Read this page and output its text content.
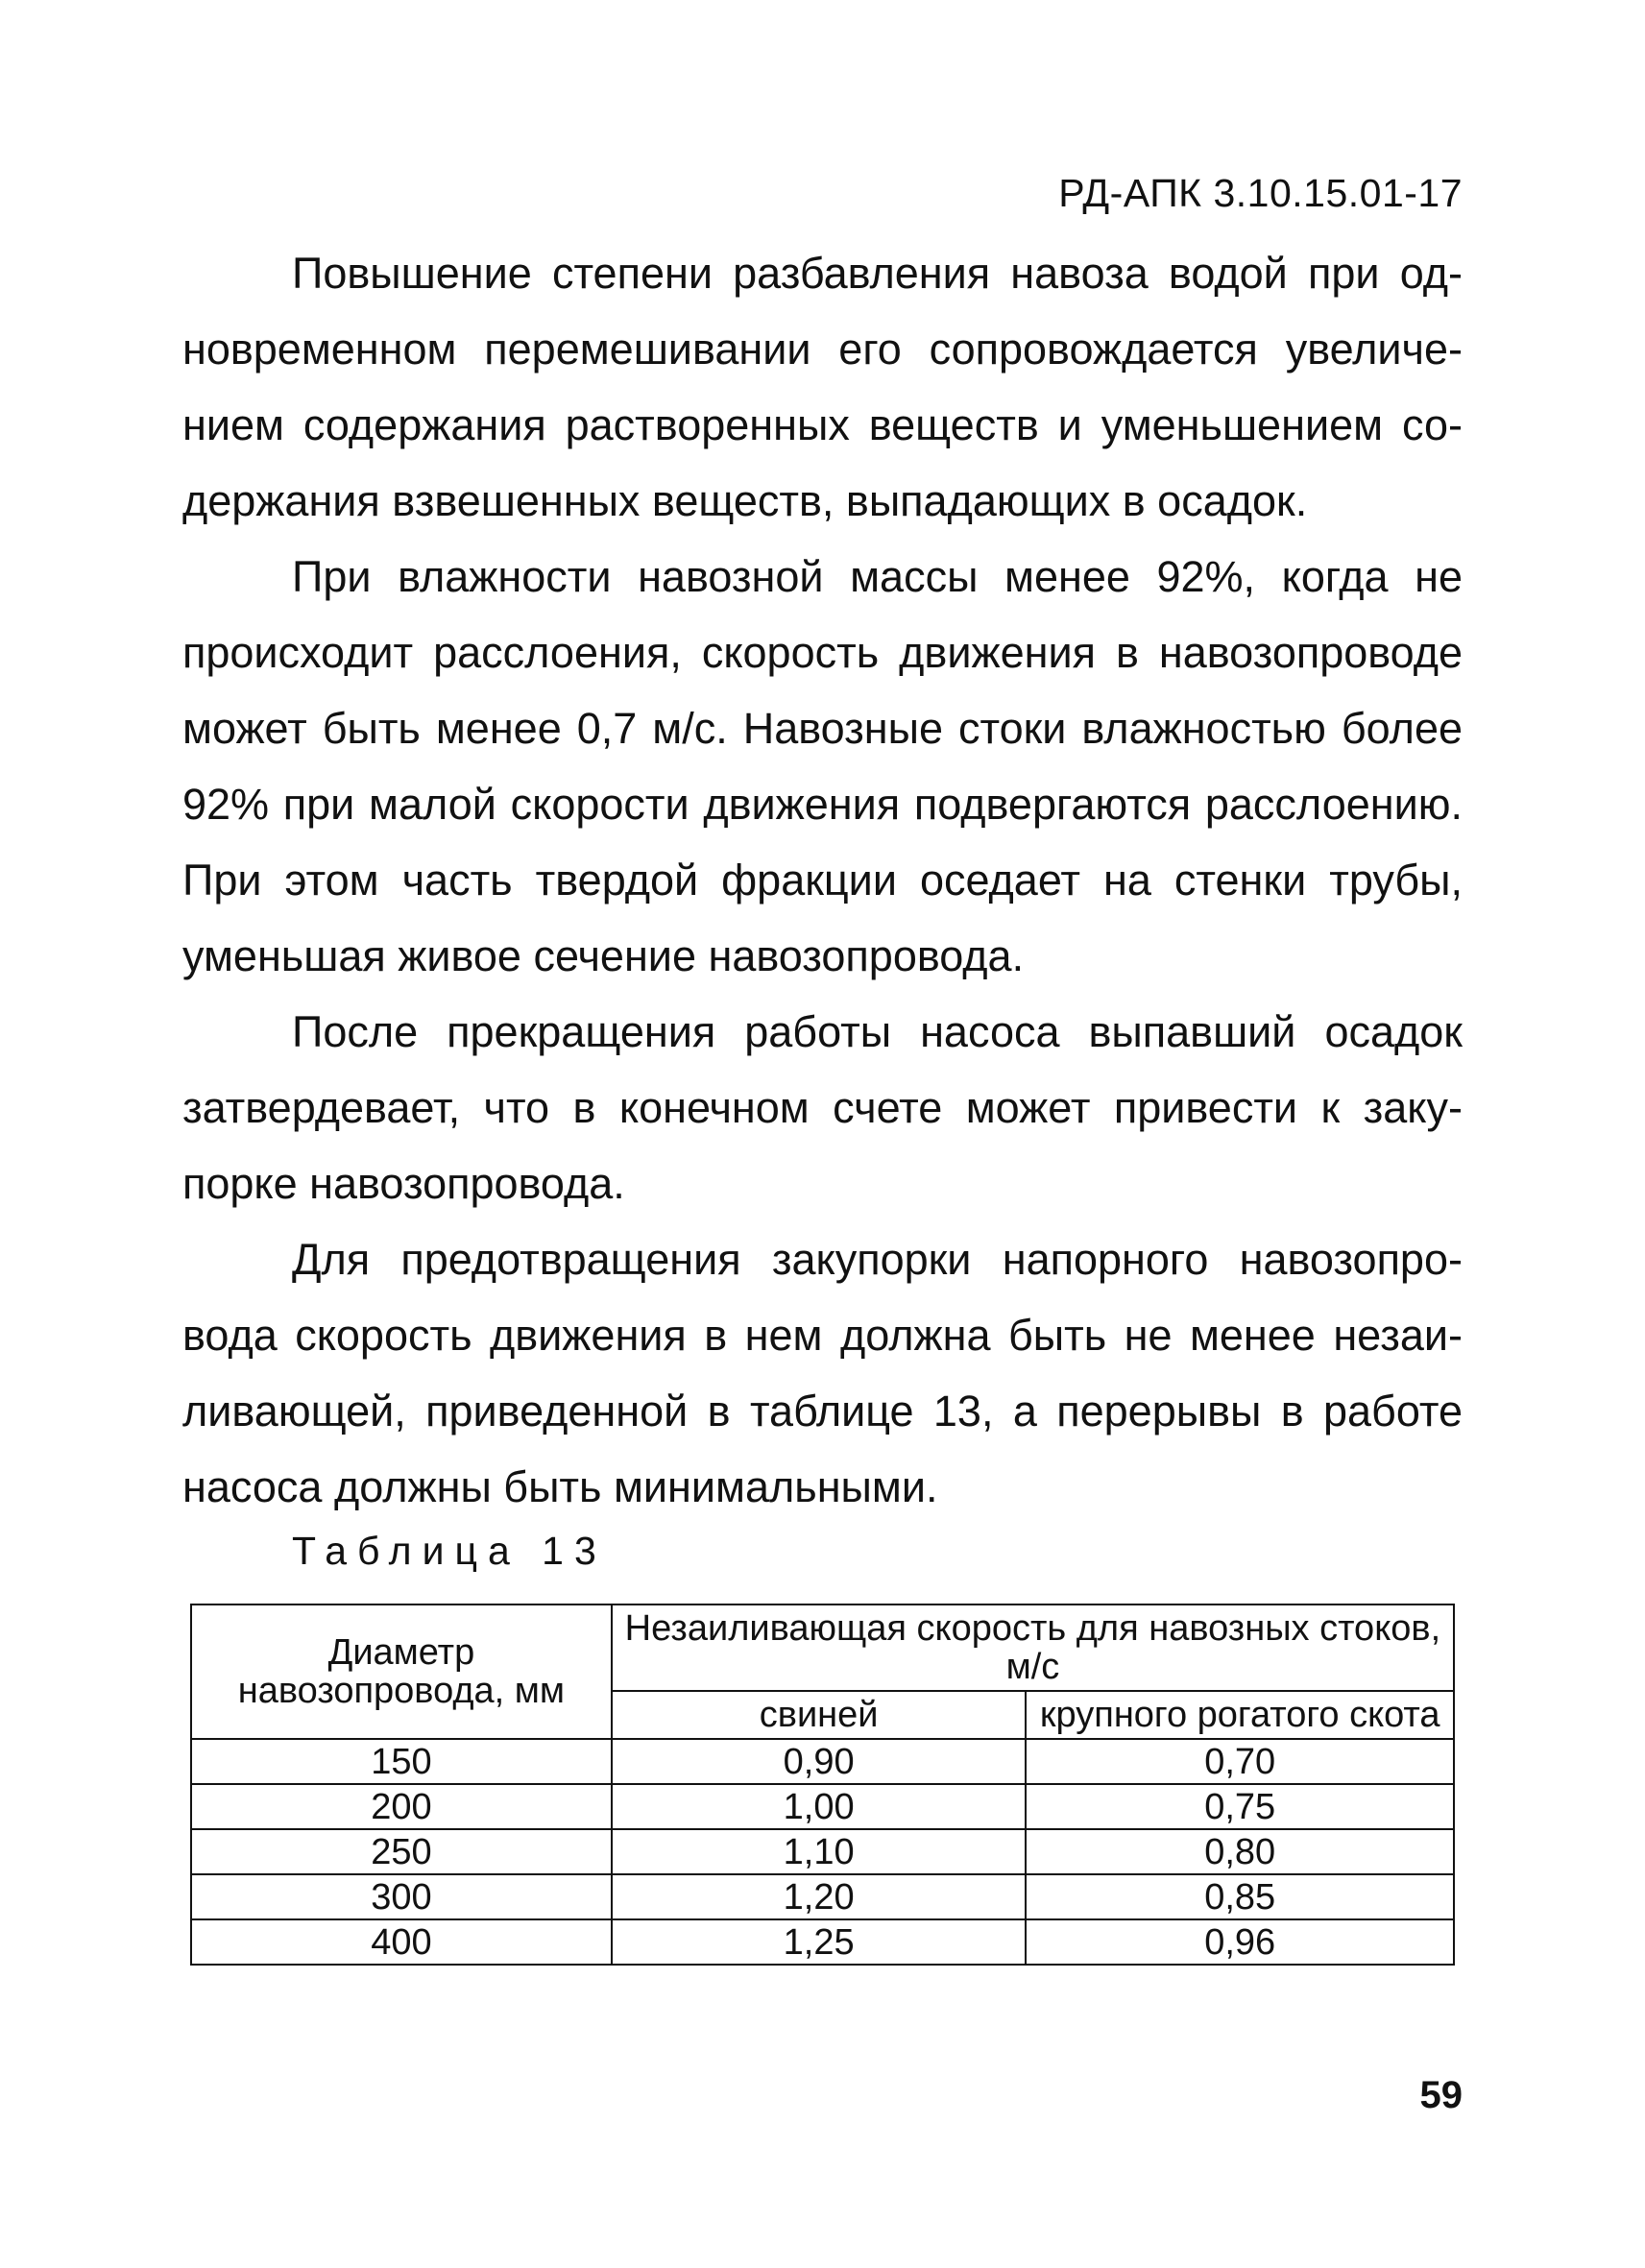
РД-АПК 3.10.15.01-17

Повышение степени разбавления навоза водой при одновременном перемешивании его сопровождается увеличением содержания растворенных веществ и уменьшением содержания взвешенных веществ, выпадающих в осадок.

При влажности навозной массы менее 92%, когда не происходит расслоения, скорость движения в навозопроводе может быть менее 0,7 м/с. Навозные стоки влажностью более 92% при малой скорости движения подвергаются расслоению. При этом часть твердой фракции оседает на стенки трубы, уменьшая живое сечение навозопровода.

После прекращения работы насоса выпавший осадок затвердевает, что в конечном счете может привести к закупорке навозопровода.

Для предотвращения закупорки напорного навозопровода скорость движения в нем должна быть не менее незаиливающей, приведенной в таблице 13, а перерывы в работе насоса должны быть минимальными.

Таблица 13
Диаметр навозопровода, мм	Незаиливающая скорость для навозных стоков, м/с	
	свиней	крупного рогатого скота
150	0,90	0,70
200	1,00	0,75
250	1,10	0,80
300	1,20	0,85
400	1,25	0,96
59
